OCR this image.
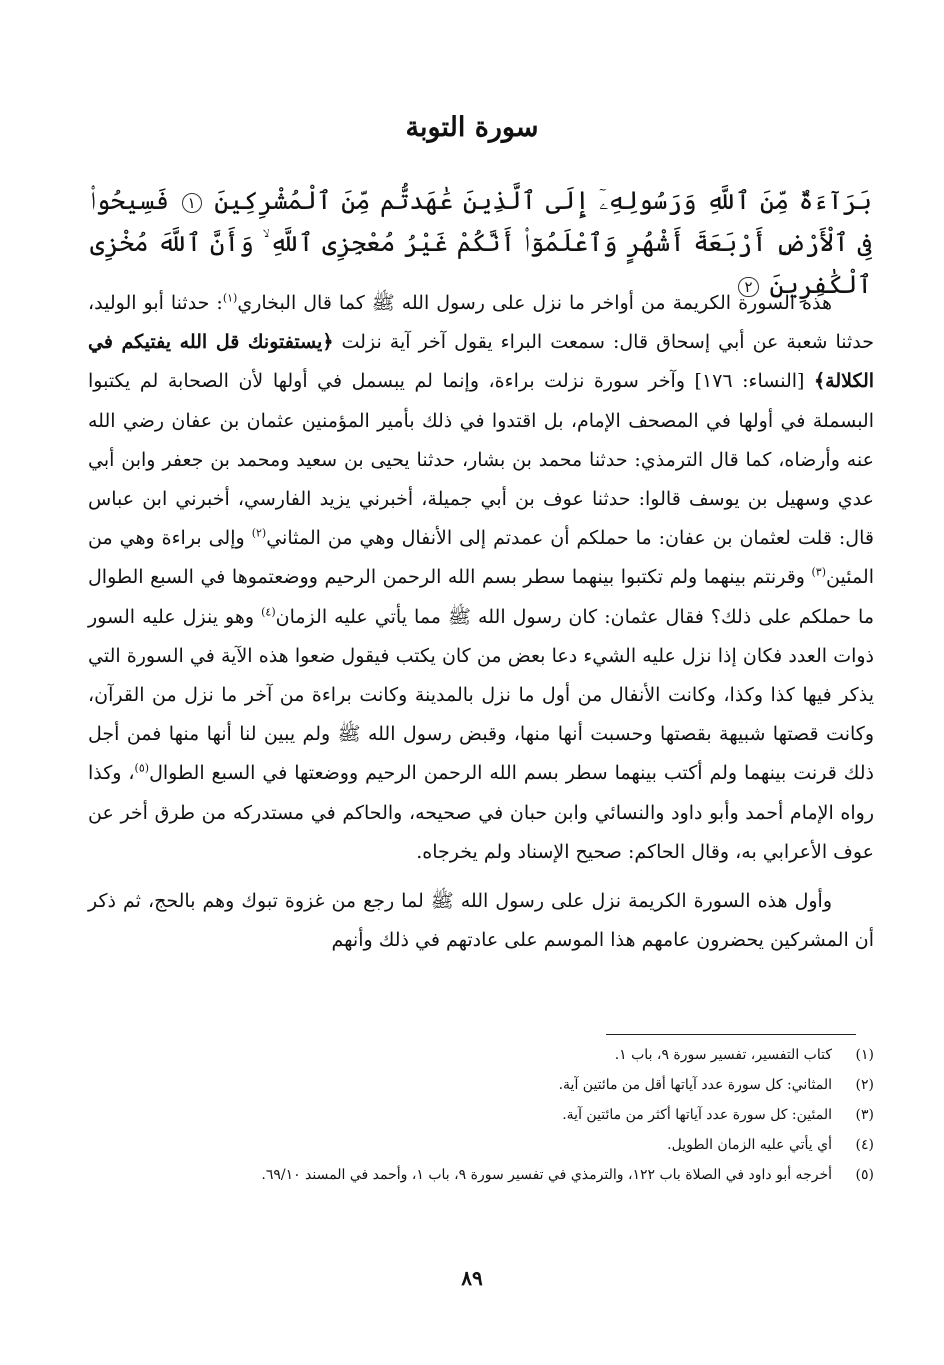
سورة التوبة

بَرَآءَةٌ مِّنَ ٱللَّهِ وَرَسُولِهِۦٓ إِلَى ٱلَّذِينَ عَٰهَدتُّم مِّنَ ٱلْمُشْرِكِينَ ١ فَسِيحُوا۟ فِى ٱلْأَرْضِ أَرْبَعَةَ أَشْهُرٍ وَٱعْلَمُوٓا۟ أَنَّكُمْ غَيْرُ مُعْجِزِى ٱللَّهِ ۙ وَأَنَّ ٱللَّهَ مُخْزِى ٱلْكَٰفِرِينَ ٢

هذه السورة الكريمة من أواخر ما نزل على رسول الله ﷺ كما قال البخاري$^{(١)}$: حدثنا أبو الوليد، حدثنا شعبة عن أبي إسحاق قال: سمعت البراء يقول آخر آية نزلت ﴿يستفتونك قل الله يفتيكم في الكلالة﴾ [النساء: ١٧٦] وآخر سورة نزلت براءة، وإنما لم يبسمل في أولها لأن الصحابة لم يكتبوا البسملة في أولها في المصحف الإمام، بل اقتدوا في ذلك بأمير المؤمنين عثمان بن عفان رضي الله عنه وأرضاه، كما قال الترمذي: حدثنا محمد بن بشار، حدثنا يحيى بن سعيد ومحمد بن جعفر وابن أبي عدي وسهيل بن يوسف قالوا: حدثنا عوف بن أبي جميلة، أخبرني يزيد الفارسي، أخبرني ابن عباس قال: قلت لعثمان بن عفان: ما حملكم أن عمدتم إلى الأنفال وهي من المثاني$^{(٢)}$ وإلى براءة وهي من المئين$^{(٣)}$ وقرنتم بينهما ولم تكتبوا بينهما سطر بسم الله الرحمن الرحيم ووضعتموها في السبع الطوال ما حملكم على ذلك؟ فقال عثمان: كان رسول الله ﷺ مما يأتي عليه الزمان$^{(٤)}$ وهو ينزل عليه السور ذوات العدد فكان إذا نزل عليه الشيء دعا بعض من كان يكتب فيقول ضعوا هذه الآية في السورة التي يذكر فيها كذا وكذا، وكانت الأنفال من أول ما نزل بالمدينة وكانت براءة من آخر ما نزل من القرآن، وكانت قصتها شبيهة بقصتها وحسبت أنها منها، وقبض رسول الله ﷺ ولم يبين لنا أنها منها فمن أجل ذلك قرنت بينهما ولم أكتب بينهما سطر بسم الله الرحمن الرحيم ووضعتها في السبع الطوال$^{(٥)}$، وكذا رواه الإمام أحمد وأبو داود والنسائي وابن حبان في صحيحه، والحاكم في مستدركه من طرق أخر عن عوف الأعرابي به، وقال الحاكم: صحيح الإسناد ولم يخرجاه.

وأول هذه السورة الكريمة نزل على رسول الله ﷺ لما رجع من غزوة تبوك وهم بالحج، ثم ذكر أن المشركين يحضرون عامهم هذا الموسم على عادتهم في ذلك وأنهم

(١)
كتاب التفسير، تفسير سورة ٩، باب ١.
(٢)
المثاني: كل سورة عدد آياتها أقل من مائتين آية.
(٣)
المئين: كل سورة عدد آياتها أكثر من مائتين آية.
(٤)
أي يأتي عليه الزمان الطويل.
(٥)
أخرجه أبو داود في الصلاة باب ١٢٢، والترمذي في تفسير سورة ٩، باب ١، وأحمد في المسند ٦٩/١٠.
٨٩
